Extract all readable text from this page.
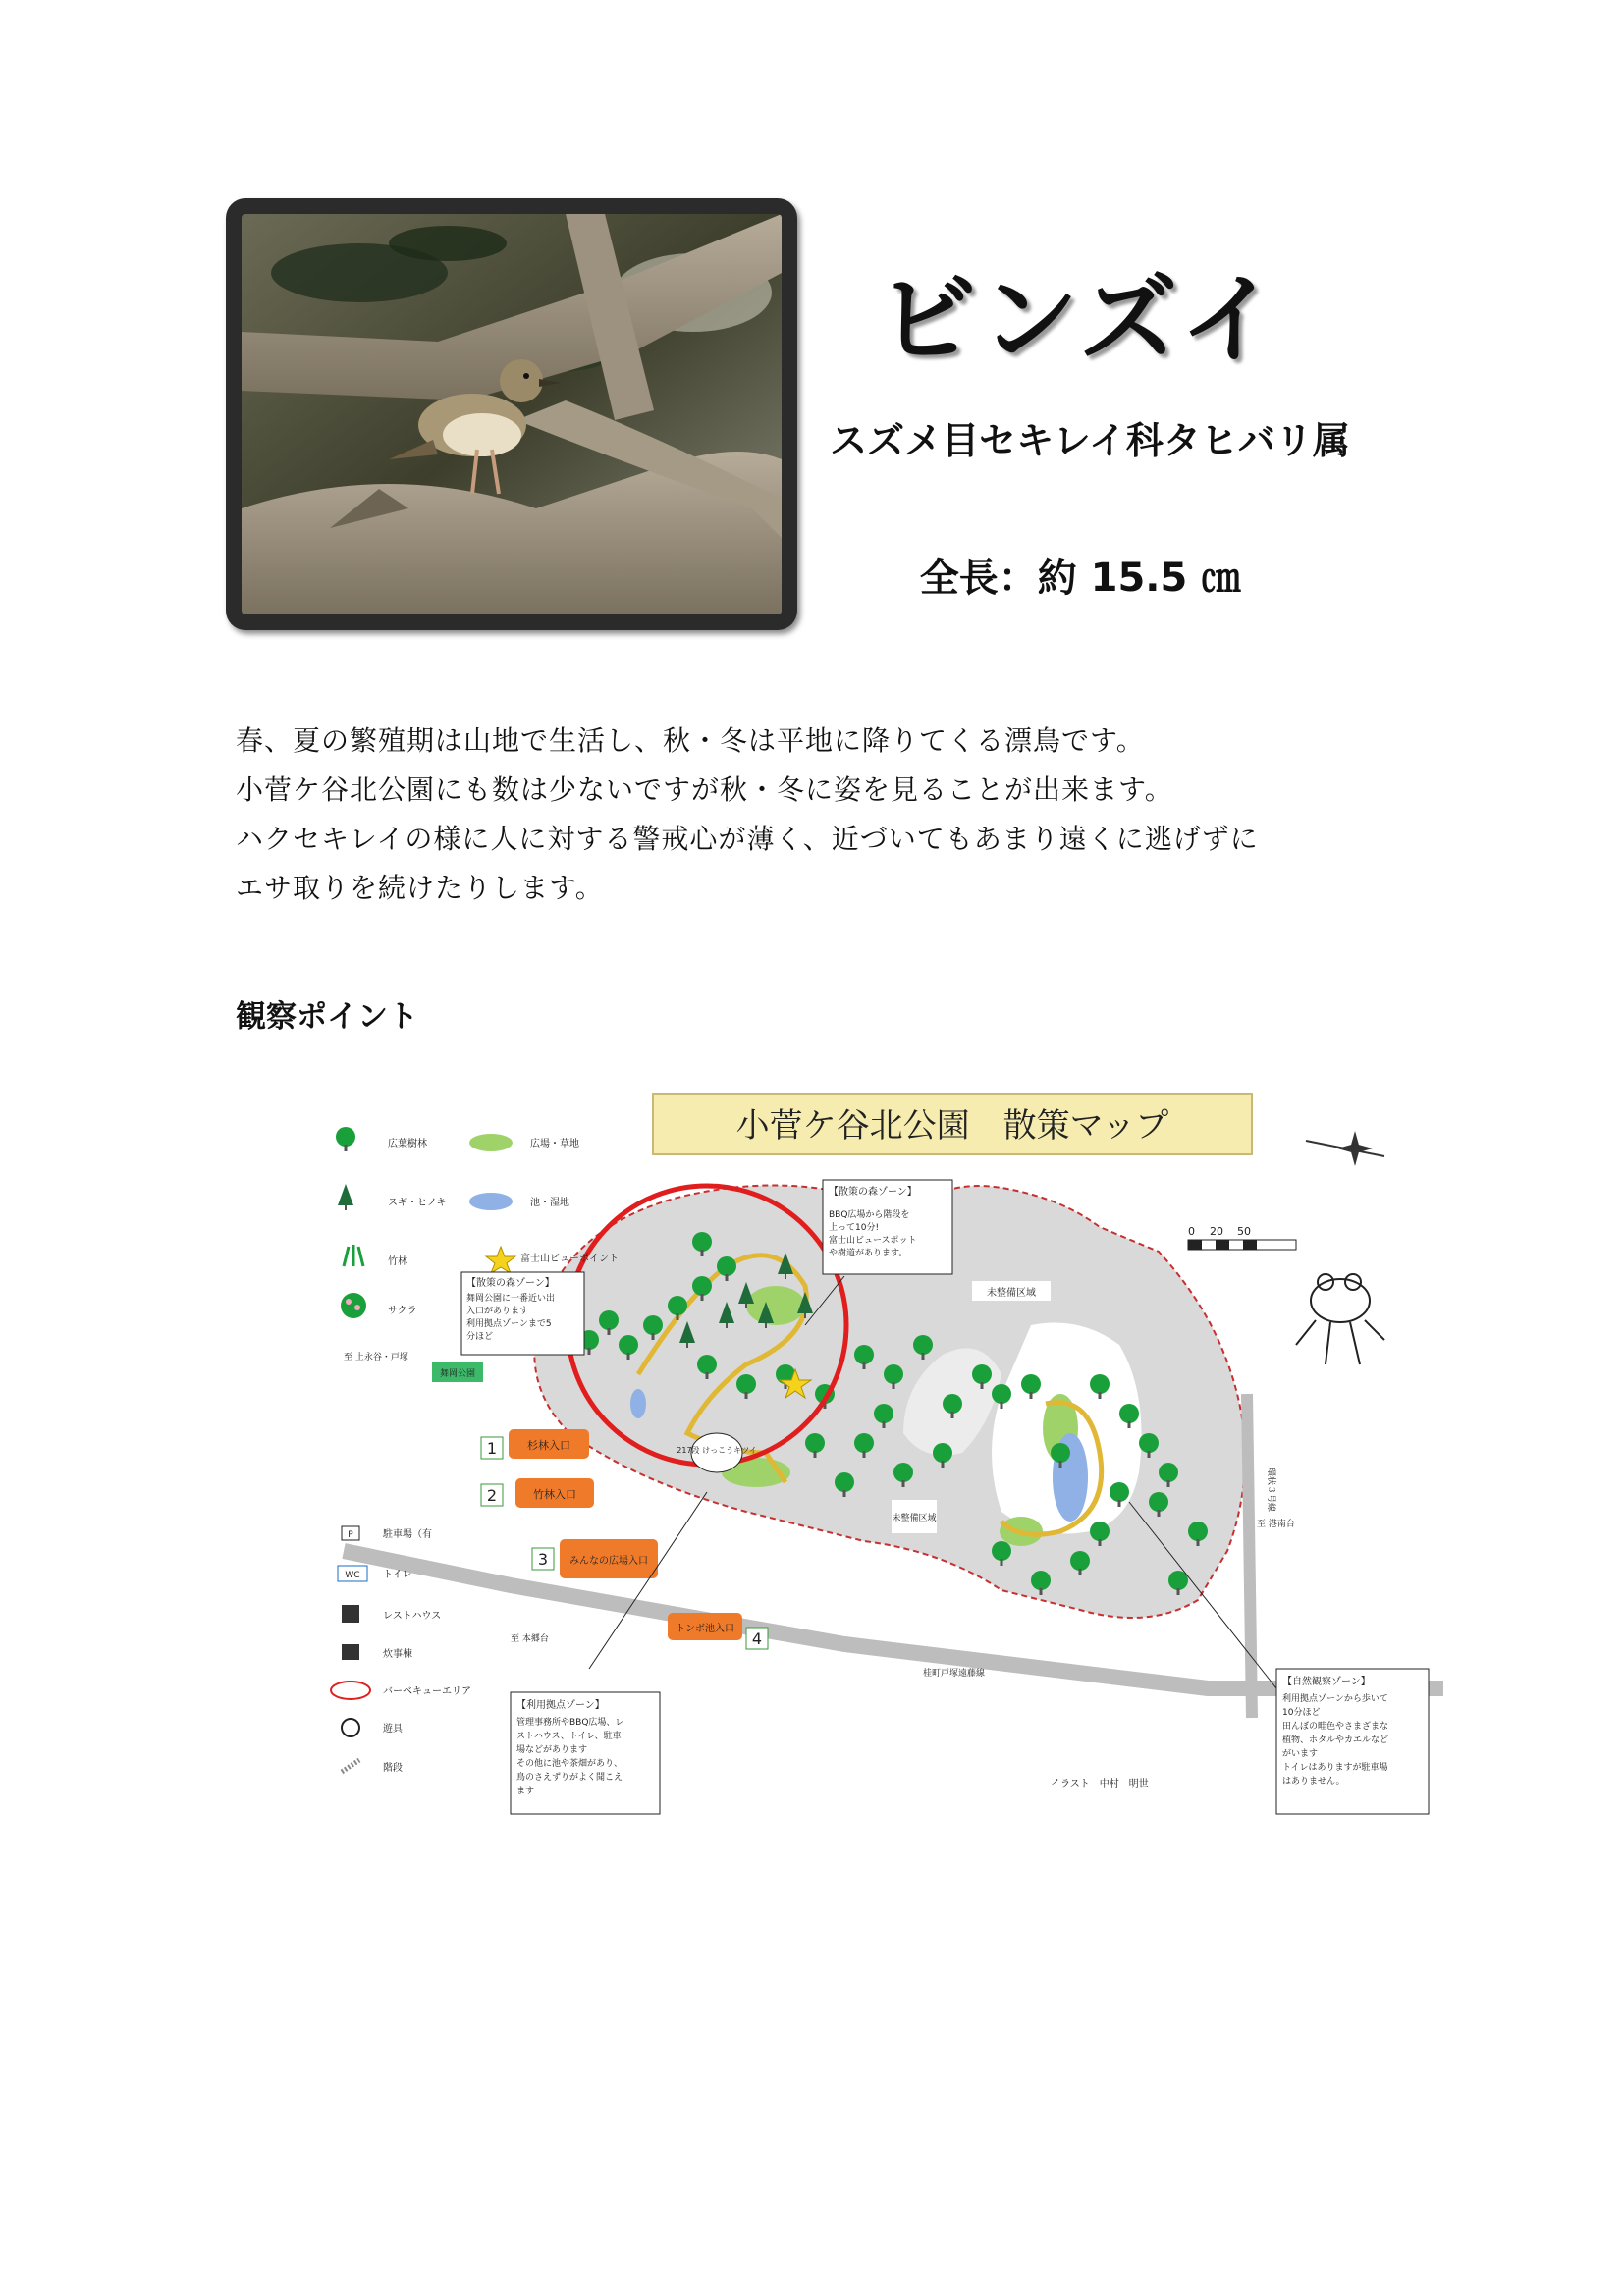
ビンズイ
スズメ目セキレイ科タヒバリ属
全長：約 15.5 ㎝

春、夏の繁殖期は山地で生活し、秋・冬は平地に降りてくる漂鳥です。

小菅ケ谷北公園にも数は少ないですが秋・冬に姿を見ることが出来ます。

ハクセキレイの様に人に対する警戒心が薄く、近づいてもあまり遠くに逃げずに

エサ取りを続けたりします。

観察ポイント
小菅ケ谷北公園　散策マップ
0 20 50
桂町戸塚遠藤線
環状３号線
217段 けっこうキツイ
未整備区域
未整備区域
舞岡公園
至 上永谷・戸塚
至 本郷台
至 港南台
1	杉林入口
2	竹林入口
3 みんなの広場入口
4
トンボ池入口
広葉樹林	広場・草地
スギ・ヒノキ	池・湿地
竹林	富士山ビューポイント
サクラ
P	駐車場（有
WC トイレ
レストハウス
炊事棟
バーベキューエリア
遊具
階段
【散策の森ゾーン】
BBQ広場から階段を
上って10分!
富士山ビュースポット
や樹道があります。
【散策の森ゾーン】
舞岡公園に一番近い出
入口があります
利用拠点ゾーンまで5
分ほど
【利用拠点ゾーン】
管理事務所やBBQ広場、レ
ストハウス、トイレ、駐車
場などがあります
その他に池や茶畑があり、
鳥のさえずりがよく聞こえ
ます
【自然観察ゾーン】
利用拠点ゾーンから歩いて
10分ほど
田んぼの畦色やさまざまな
植物、ホタルやカエルなど
がいます
トイレはありますが駐車場
はありません。
イラスト　中村　明世
